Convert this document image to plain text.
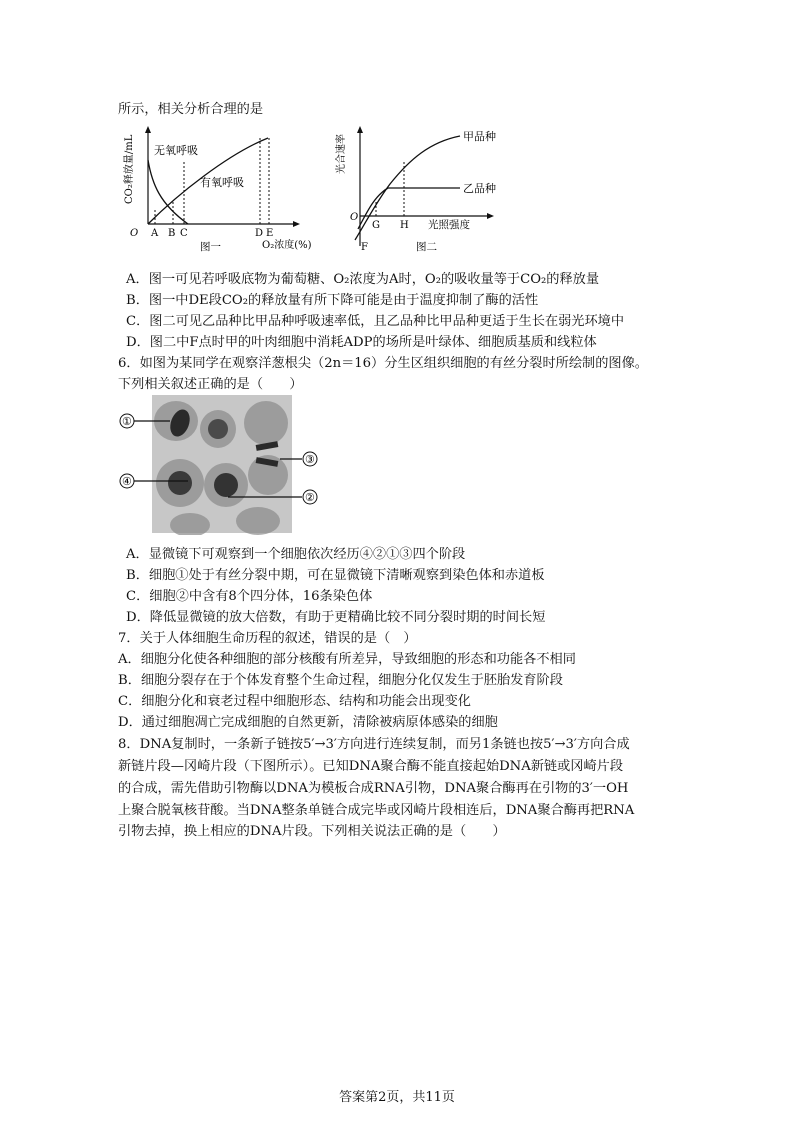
所示，相关分析合理的是
CO₂释放量/mL 无氧呼吸
有氧呼吸
O A B C	D E
图一	O₂浓度(%)
光合速率	甲品种
乙品种
O
G H 光照强度
F	图二
A．图一可见若呼吸底物为葡萄糖、O₂浓度为A时，O₂的吸收量等于CO₂的释放量
B．图一中DE段CO₂的释放量有所下降可能是由于温度抑制了酶的活性
C．图二可见乙品种比甲品种呼吸速率低，且乙品种比甲品种更适于生长在弱光环境中
D．图二中F点时甲的叶肉细胞中消耗ADP的场所是叶绿体、细胞质基质和线粒体
6．如图为某同学在观察洋葱根尖（2n＝16）分生区组织细胞的有丝分裂时所绘制的图像。
下列相关叙述正确的是（　　）
①
③
④
②
A．显微镜下可观察到一个细胞依次经历④②①③四个阶段
B．细胞①处于有丝分裂中期，可在显微镜下清晰观察到染色体和赤道板
C．细胞②中含有8个四分体，16条染色体
D．降低显微镜的放大倍数，有助于更精确比较不同分裂时期的时间长短
7．关于人体细胞生命历程的叙述，错误的是（　）
A．细胞分化使各种细胞的部分核酸有所差异，导致细胞的形态和功能各不相同
B．细胞分裂存在于个体发育整个生命过程，细胞分化仅发生于胚胎发育阶段
C．细胞分化和衰老过程中细胞形态、结构和功能会出现变化
D．通过细胞凋亡完成细胞的自然更新，清除被病原体感染的细胞
8．DNA复制时，一条新子链按5′→3′方向进行连续复制，而另1条链也按5′→3′方向合成
新链片段—冈崎片段（下图所示）。已知DNA聚合酶不能直接起始DNA新链或冈崎片段
的合成，需先借助引物酶以DNA为模板合成RNA引物，DNA聚合酶再在引物的3′一OH
上聚合脱氧核苷酸。当DNA整条单链合成完毕或冈崎片段相连后，DNA聚合酶再把RNA
引物去掉，换上相应的DNA片段。下列相关说法正确的是（　　）
答案第2页，共11页
